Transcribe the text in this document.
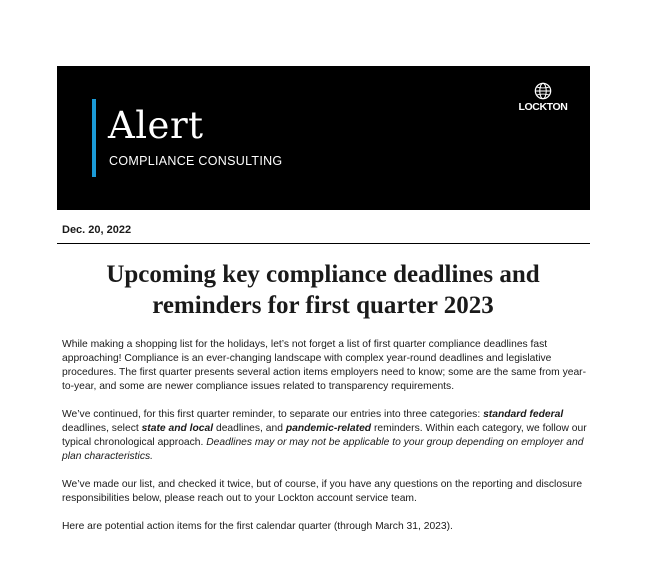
Alert
COMPLIANCE CONSULTING
LOCKTON
Dec. 20, 2022
Upcoming key compliance deadlines and
reminders for first quarter 2023

While making a shopping list for the holidays, let’s not forget a list of first quarter compliance deadlines fast approaching! Compliance is an ever-changing landscape with complex year-round deadlines and legislative procedures. The first quarter presents several action items employers need to know; some are the same from year-to-year, and some are newer compliance issues related to transparency requirements.

We’ve continued, for this first quarter reminder, to separate our entries into three categories: standard federal deadlines, select state and local deadlines, and pandemic-related reminders. Within each category, we follow our typical chronological approach. Deadlines may or may not be applicable to your group depending on employer and plan characteristics.

We’ve made our list, and checked it twice, but of course, if you have any questions on the reporting and disclosure responsibilities below, please reach out to your Lockton account service team.

Here are potential action items for the first calendar quarter (through March 31, 2023).
